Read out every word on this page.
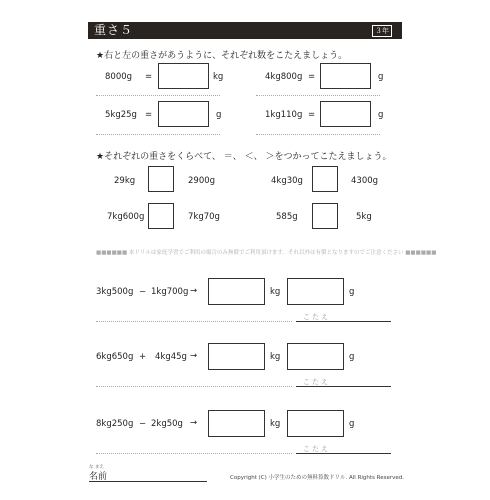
重さ５	３年
★右と左の重さがあうように、それぞれ数をこたえましょう。
8000g =	kg	4kg800g =	g
5kg25g =	g	1kg110g =	g
★それぞれの重さをくらべて、 ＝、 ＜、 ＞をつかってこたえましょう。
29kg	2900g	4kg30g	4300g
7kg600g	7kg70g	585g	5kg
■■■■■■ 本ドリルは家庭学習でご利用の場合のみ無償でご利用頂けます。それ以外は有償となりますのでご注意ください ■■■■■■
3kg500g − 1kg700g →	kg	g
こたえ
6kg650g + 4kg45g →	kg	g
こたえ
8kg250g − 2kg50g →	kg	g
こたえ
な まえ
名前	Copyright (C) 小学生のための無料算数ドリル. All Rights Reserved.
